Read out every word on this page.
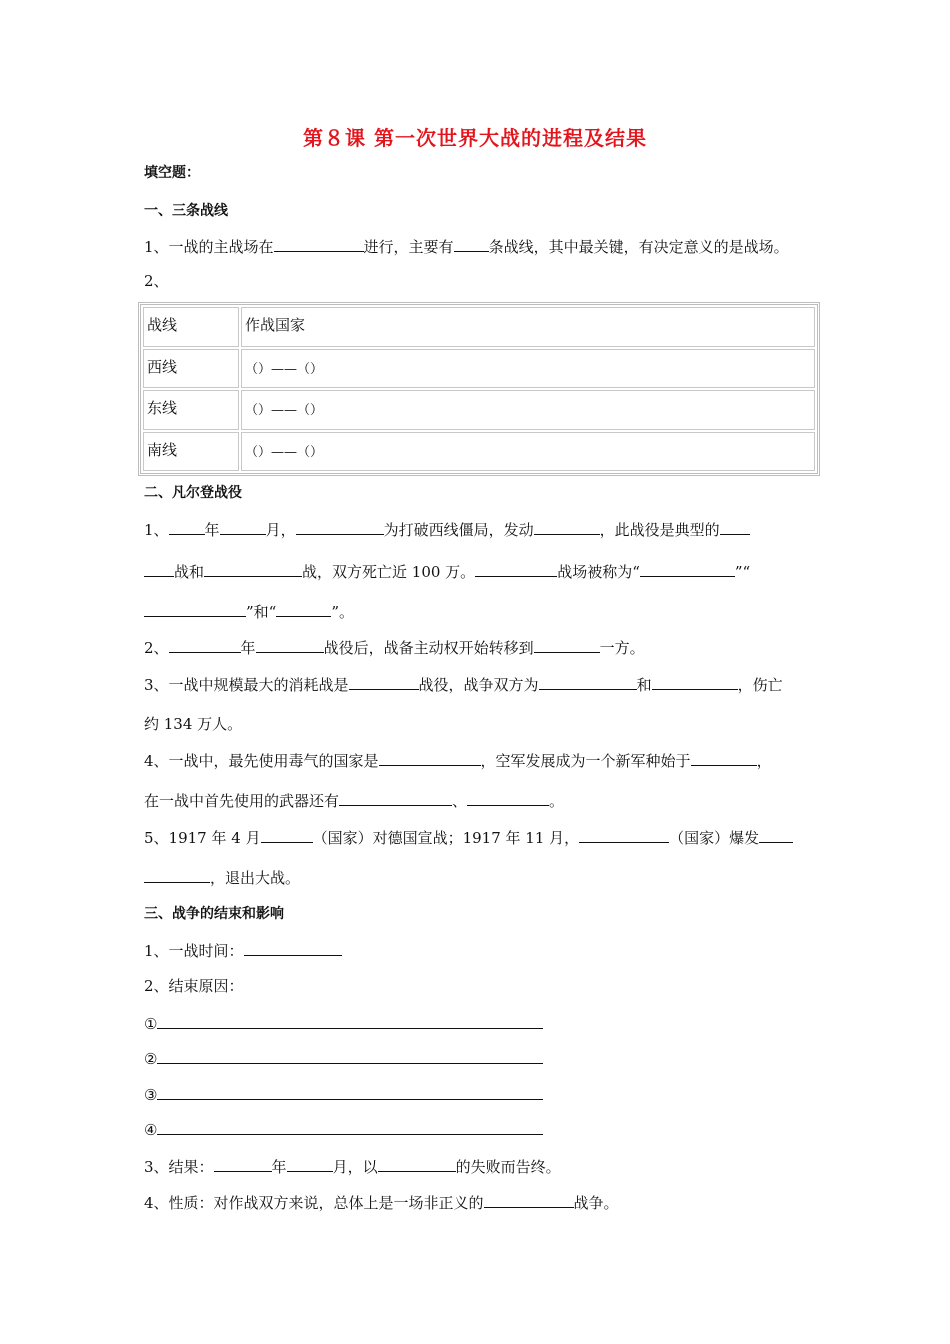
第８课 第一次世界大战的进程及结果
填空题：
一、三条战线
1、一战的主战场在	进行，主要有 条战线，其中最关键，有决定意义的是战场。
2、
战线	作战国家
西线	（）——（）
东线	（）——（）
南线	（）——（）
二、凡尔登战役
1、 年	月，	为打破西线僵局，发动	，此战役是典型的
战和	战，双方死亡近 100 万。	战场被称为“	”“
”和“	”。
2、	年	战役后，战备主动权开始转移到	一方。
3、一战中规模最大的消耗战是	战役，战争双方为	和	，伤亡
约 134 万人。
4、一战中，最先使用毒气的国家是	，空军发展成为一个新军种始于	，
在一战中首先使用的武器还有	、	。
5、1917 年 4 月	（国家）对德国宣战；1917 年 11 月，	（国家）爆发
，退出大战。
三、战争的结束和影响
1、一战时间：
2、结束原因：
①
②
③
④
3、结果：	年	月，以	的失败而告终。
4、性质：对作战双方来说，总体上是一场非正义的	战争。
